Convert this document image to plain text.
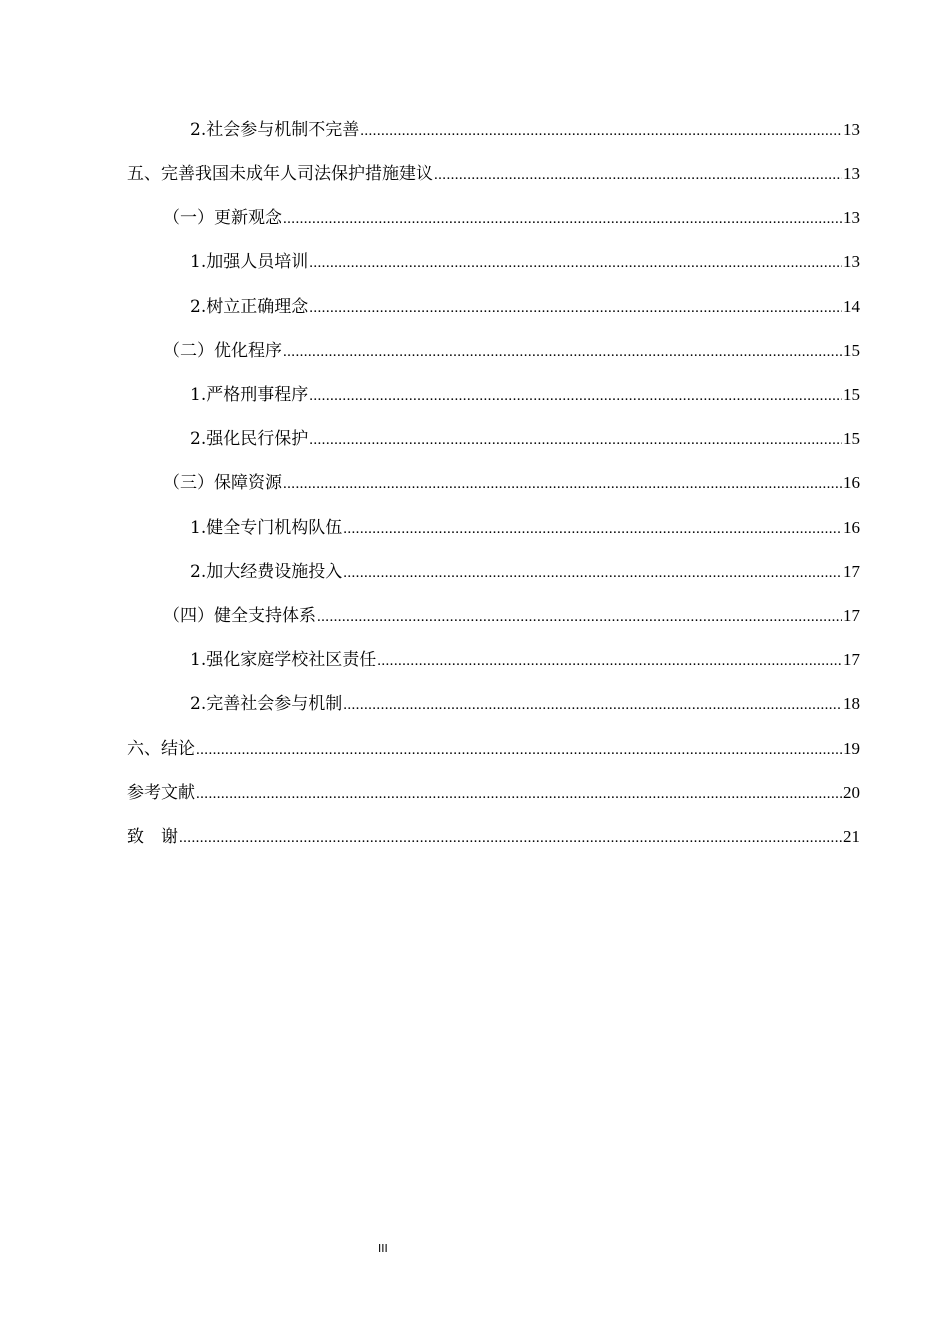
2.社会参与机制不完善 .....	13
五、完善我国未成年人司法保护措施建议 .....	13
（一）更新观念 .....	13
1.加强人员培训 .....	13
2.树立正确理念 .....	14
（二）优化程序 .....	15
1.严格刑事程序 .....	15
2.强化民行保护 .....	15
（三）保障资源 .....	16
1.健全专门机构队伍 .....	16
2.加大经费设施投入 .....	17
（四）健全支持体系 .....	17
1.强化家庭学校社区责任 .....	17
2.完善社会参与机制 .....	18
六、结论 .....	19
参考文献 .....	20
致　谢 .....	21
III
